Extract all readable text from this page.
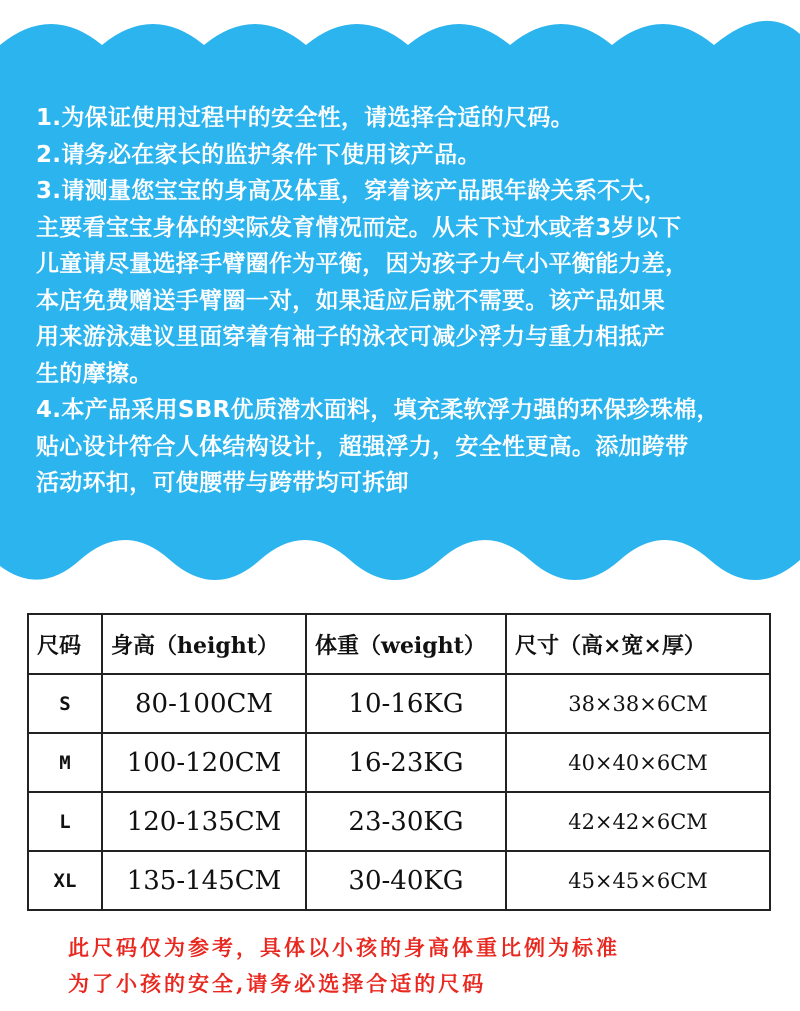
1.为保证使用过程中的安全性，请选择合适的尺码。

2.请务必在家长的监护条件下使用该产品。

3.请测量您宝宝的身高及体重，穿着该产品跟年龄关系不大，

主要看宝宝身体的实际发育情况而定。从未下过水或者3岁以下

儿童请尽量选择手臂圈作为平衡，因为孩子力气小平衡能力差，

本店免费赠送手臂圈一对，如果适应后就不需要。该产品如果

用来游泳建议里面穿着有袖子的泳衣可减少浮力与重力相抵产

生的摩擦。

4.本产品采用SBR优质潜水面料，填充柔软浮力强的环保珍珠棉，

贴心设计符合人体结构设计，超强浮力，安全性更高。添加跨带

活动环扣，可使腰带与跨带均可拆卸

尺码	身高（height）	体重（weight）	尺寸（高×宽×厚）
S	80-100CM	10-16KG	38×38×6CM
M	100-120CM	16-23KG	40×40×6CM
L	120-135CM	23-30KG	42×42×6CM
XL	135-145CM	30-40KG	45×45×6CM

此尺码仅为参考，具体以小孩的身高体重比例为标准

为了小孩的安全,请务必选择合适的尺码
